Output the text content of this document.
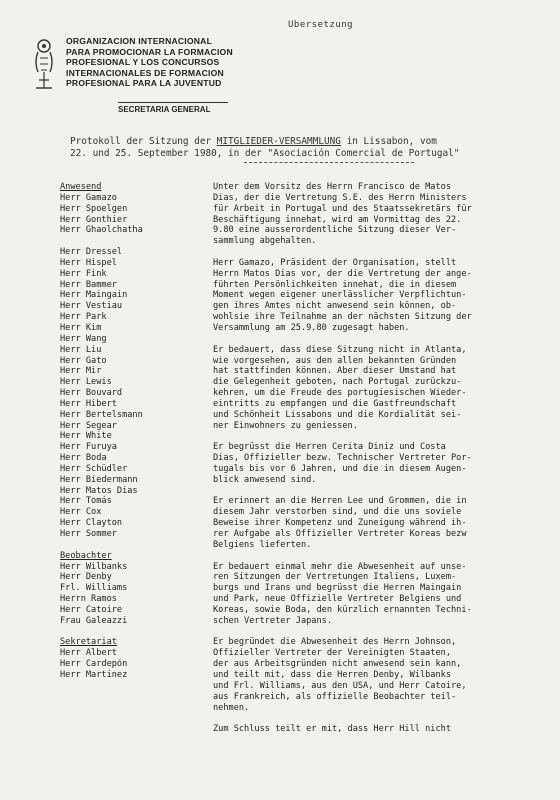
Ubersetzung
ORGANIZACION INTERNACIONAL
PARA PROMOCIONAR LA FORMACION
PROFESIONAL Y LOS CONCURSOS
INTERNACIONALES DE FORMACION
PROFESIONAL PARA LA JUVENTUD
SECRETARIA GENERAL
Protokoll der Sitzung der MITGLIEDER-VERSAMMLUNG in Lissabon, vom
22. und 25. September 1980, in der "Asociación Comercial de Portugal"
Anwesend
Herr Gamazo
Herr Spoelgen
Herr Gonthier
Herr Ghaolchatha
Herr Dressel
Herr Hispel
Herr Fink
Herr Bammer
Herr Maingain
Herr Vestiau
Herr Park
Herr Kim
Herr Wang
Herr Liu
Herr Gato
Herr Mir
Herr Lewis
Herr Bouvard
Herr Hibert
Herr Bertelsmann
Herr Segear
Herr White
Herr Furuya
Herr Boda
Herr Schüdler
Herr Biedermann
Herr Matos Dias
Herr Tomás
Herr Cox
Herr Clayton
Herr Sommer
Beobachter
Herr Wilbanks
Herr Denby
Frl. Williams
Herrn Ramos
Herr Catoire
Frau Galeazzi
Sekretariat
Herr Albert
Herr Cardepón
Herr Martinez
Unter dem Vorsitz des Herrn Francisco de Matos
Dias, der die Vertretung S.E. des Herrn Ministers
für Arbeit in Portugal und des Staatssekretärs für
Beschäftigung innehat, wird am Vormittag des 22.
9.80 eine ausserordentliche Sitzung dieser Ver-
sammlung abgehalten.
Herr Gamazo, Präsident der Organisation, stellt
Herrn Matos Dias vor, der die Vertretung der ange-
führten Persönlichkeiten innehat, die in diesem
Moment wegen eigener unerlässlicher Verpflichtun-
gen ihres Amtes nicht anwesend sein können, ob-
wohlsie ihre Teilnahme an der nächsten Sitzung der
Versammlung am 25.9.80 zugesagt haben.
Er bedauert, dass diese Sitzung nicht in Atlanta,
wie vorgesehen, aus den allen bekannten Gründen
hat stattfinden können. Aber dieser Umstand hat
die Gelegenheit geboten, nach Portugal zurückzu-
kehren, um die Freude des portugiesischen Wieder-
eintritts zu empfangen und die Gastfreundschaft
und Schönheit Lissabons und die Kordialität sei-
ner Einwohners zu geniessen.
Er begrüsst die Herren Cerita Diniz und Costa
Dias, Offizieller bezw. Technischer Vertreter Por-
tugals bis vor 6 Jahren, und die in diesem Augen-
blick anwesend sind.
Er erinnert an die Herren Lee und Grommen, die in
diesem Jahr verstorben sind, und die uns soviele
Beweise ihrer Kompetenz und Zuneigung während ih-
rer Aufgabe als Offizieller Vertreter Koreas bezw
Belgiens lieferten.
Er bedauert einmal mehr die Abwesenheit auf unse-
ren Sitzungen der Vertretungen Italiens, Luxem-
burgs und Irans und begrüsst die Herren Maingain
und Park, neue Offizielle Vertreter Belgiens und
Koreas, sowie Boda, den kürzlich ernannten Techni-
schen Vertreter Japans.
Er begründet die Abwesenheit des Herrn Johnson,
Offizieller Vertreter der Vereinigten Staaten,
der aus Arbeitsgründen nicht anwesend sein kann,
und teilt mit, dass die Herren Denby, Wilbanks
und Frl. Williams, aus den USA, und Herr Catoire,
aus Frankreich, als offizielle Beobachter teil-
nehmen.
Zum Schluss teilt er mit, dass Herr Hill nicht
